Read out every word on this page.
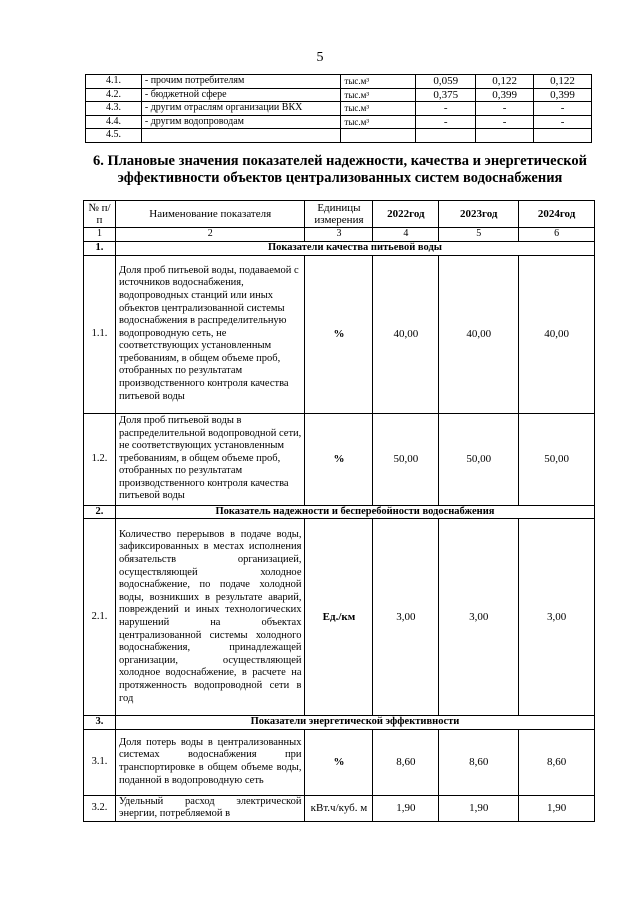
5
4.1.	- прочим потребителям	тыс.м³	0,059	0,122	0,122
4.2.	- бюджетной сфере	тыс.м³	0,375	0,399	0,399
4.3.	- другим отраслям организации ВКХ	тыс.м³	-	-	-
4.4.	- другим водопроводам	тыс.м³	-	-	-
4.5.					
6. Плановые значения показателей надежности, качества и энергетической эффективности объектов централизованных систем водоснабжения
№ п/п	Наименование показателя	Единицы измерения	2022год	2023год	2024год
1	2	3	4	5	6
1.	Показатели качества питьевой воды				
1.1.	Доля проб питьевой воды, подаваемой с источников водоснабжения, водопроводных станций или иных объектов централизованной системы водоснабжения в распределительную водопроводную сеть, не соответствующих установленным требованиям, в общем объеме проб, отобранных по результатам производственного контроля качества питьевой воды	%	40,00	40,00	40,00
1.2.	Доля проб питьевой воды в распределительной водопроводной сети, не соответствующих установленным требованиям, в общем объеме проб, отобранных по результатам производственного контроля качества питьевой воды	%	50,00	50,00	50,00
2.	Показатель надежности и бесперебойности водоснабжения				
2.1.	Количество перерывов в подаче воды, зафиксированных в местах исполнения обязательств организацией, осуществляющей холодное водоснабжение, по подаче холодной воды, возникших в результате аварий, повреждений и иных технологических нарушений на объектах централизованной системы холодного водоснабжения, принадлежащей организации, осуществляющей холодное водоснабжение, в расчете на протяженность водопроводной сети в год	Ед./км	3,00	3,00	3,00
3.	Показатели энергетической эффективности				
3.1.	Доля потерь воды в централизованных системах водоснабжения при транспортировке в общем объеме воды, поданной в водопроводную сеть	%	8,60	8,60	8,60
3.2.	Удельный расход электрической энергии, потребляемой в	кВт.ч/куб. м	1,90	1,90	1,90
